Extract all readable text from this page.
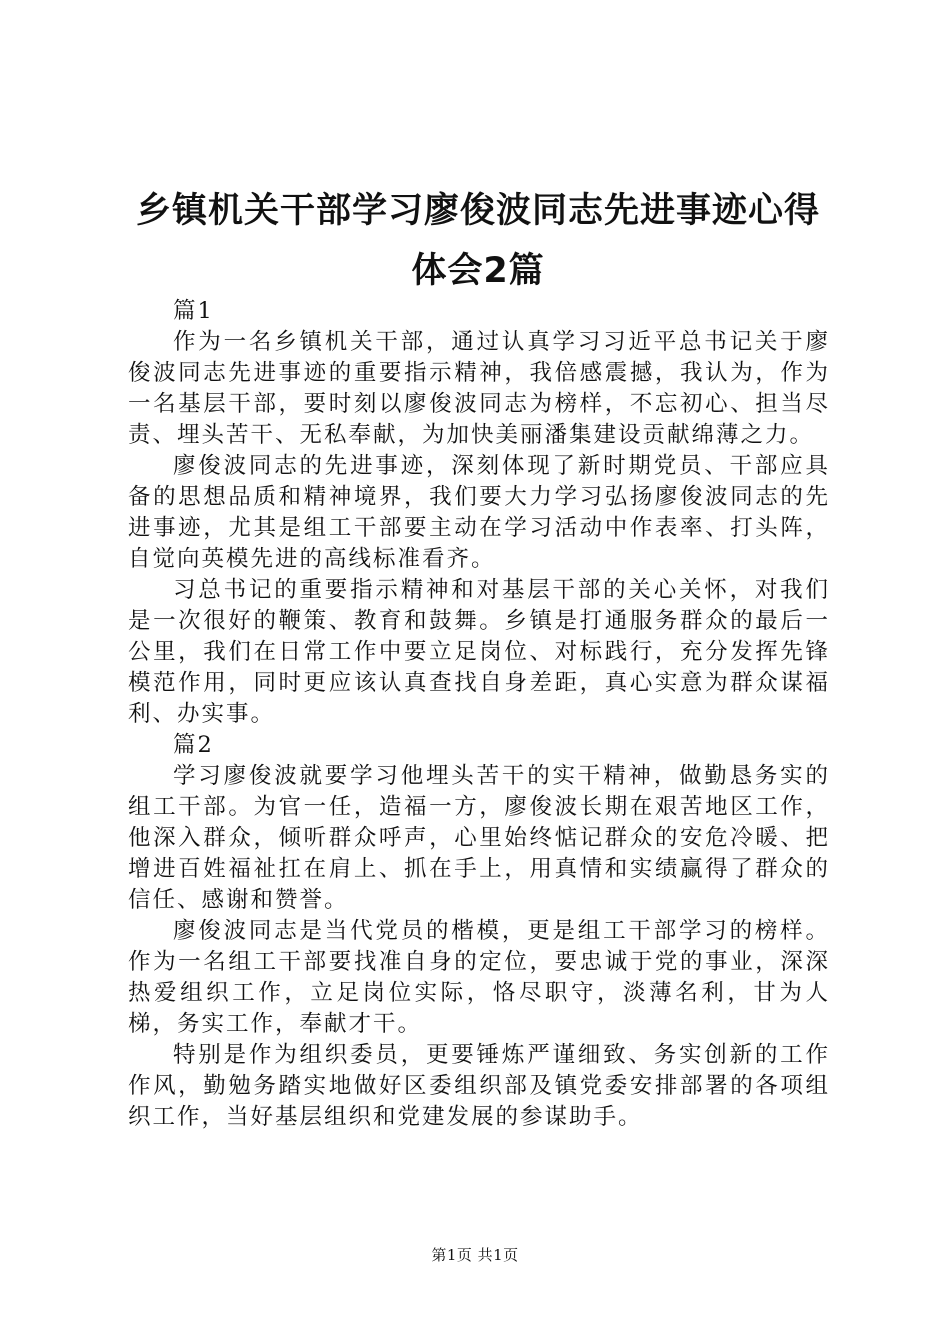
乡镇机关干部学习廖俊波同志先进事迹心得体会2篇

篇1

作为一名乡镇机关干部，通过认真学习习近平总书记关于廖俊波同志先进事迹的重要指示精神，我倍感震撼，我认为，作为一名基层干部，要时刻以廖俊波同志为榜样，不忘初心、担当尽责、埋头苦干、无私奉献，为加快美丽潘集建设贡献绵薄之力。

廖俊波同志的先进事迹，深刻体现了新时期党员、干部应具备的思想品质和精神境界，我们要大力学习弘扬廖俊波同志的先进事迹，尤其是组工干部要主动在学习活动中作表率、打头阵，自觉向英模先进的高线标准看齐。

习总书记的重要指示精神和对基层干部的关心关怀，对我们是一次很好的鞭策、教育和鼓舞。乡镇是打通服务群众的最后一公里，我们在日常工作中要立足岗位、对标践行，充分发挥先锋模范作用，同时更应该认真查找自身差距，真心实意为群众谋福利、办实事。

篇2

学习廖俊波就要学习他埋头苦干的实干精神，做勤恳务实的组工干部。为官一任，造福一方，廖俊波长期在艰苦地区工作，他深入群众，倾听群众呼声，心里始终惦记群众的安危冷暖、把增进百姓福祉扛在肩上、抓在手上，用真情和实绩赢得了群众的信任、感谢和赞誉。

廖俊波同志是当代党员的楷模，更是组工干部学习的榜样。作为一名组工干部要找准自身的定位，要忠诚于党的事业，深深热爱组织工作，立足岗位实际，恪尽职守，淡薄名利，甘为人梯，务实工作，奉献才干。

特别是作为组织委员，更要锤炼严谨细致、务实创新的工作作风，勤勉务踏实地做好区委组织部及镇党委安排部署的各项组织工作，当好基层组织和党建发展的参谋助手。

第1页 共1页
